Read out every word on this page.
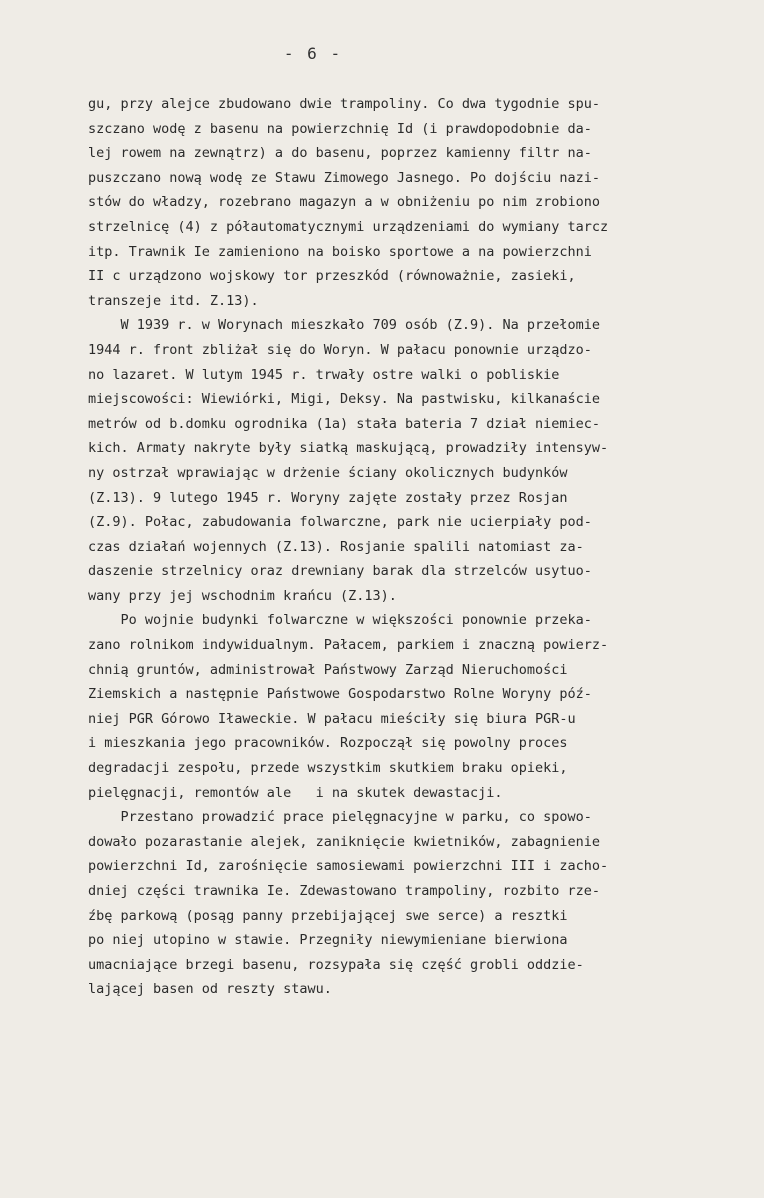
- 6 -
gu, przy alejce zbudowano dwie trampoliny. Co dwa tygodnie spu-
szczano wodę z basenu na powierzchnię Id (i prawdopodobnie da-
lej rowem na zewnątrz) a do basenu, poprzez kamienny filtr na-
puszczano nową wodę ze Stawu Zimowego Jasnego. Po dojściu nazi-
stów do władzy, rozebrano magazyn a w obniżeniu po nim zrobiono
strzelnicę (4) z półautomatycznymi urządzeniami do wymiany tarcz
itp. Trawnik Ie zamieniono na boisko sportowe a na powierzchni
II c urządzono wojskowy tor przeszkód (równoważnie, zasieki,
transzeje itd. Z.13).
W 1939 r. w Worynach mieszkało 709 osób (Z.9). Na przełomie
1944 r. front zbliżał się do Woryn. W pałacu ponownie urządzo-
no lazaret. W lutym 1945 r. trwały ostre walki o pobliskie
miejscowości: Wiewiórki, Migi, Deksy. Na pastwisku, kilkanaście
metrów od b.domku ogrodnika (1a) stała bateria 7 dział niemiec-
kich. Armaty nakryte były siatką maskującą, prowadziły intensyw-
ny ostrzał wprawiając w drżenie ściany okolicznych budynków
(Z.13). 9 lutego 1945 r. Woryny zajęte zostały przez Rosjan
(Z.9). Połac, zabudowania folwarczne, park nie ucierpiały pod-
czas działań wojennych (Z.13). Rosjanie spalili natomiast za-
daszenie strzelnicy oraz drewniany barak dla strzelców usytuo-
wany przy jej wschodnim krańcu (Z.13).
Po wojnie budynki folwarczne w większości ponownie przeka-
zano rolnikom indywidualnym. Pałacem, parkiem i znaczną powierz-
chnią gruntów, administrował Państwowy Zarząd Nieruchomości
Ziemskich a następnie Państwowe Gospodarstwo Rolne Woryny póź-
niej PGR Górowo Iławeckie. W pałacu mieściły się biura PGR-u
i mieszkania jego pracowników. Rozpoczął się powolny proces
degradacji zespołu, przede wszystkim skutkiem braku opieki,
pielęgnacji, remontów ale   i na skutek dewastacji.
Przestano prowadzić prace pielęgnacyjne w parku, co spowo-
dowało pozarastanie alejek, zaniknięcie kwietników, zabagnienie
powierzchni Id, zarośnięcie samosiewami powierzchni III i zacho-
dniej części trawnika Ie. Zdewastowano trampoliny, rozbito rze-
źbę parkową (posąg panny przebijającej swe serce) a resztki
po niej utopino w stawie. Przegniły niewymieniane bierwiona
umacniające brzegi basenu, rozsypała się część grobli oddzie-
lającej basen od reszty stawu.
